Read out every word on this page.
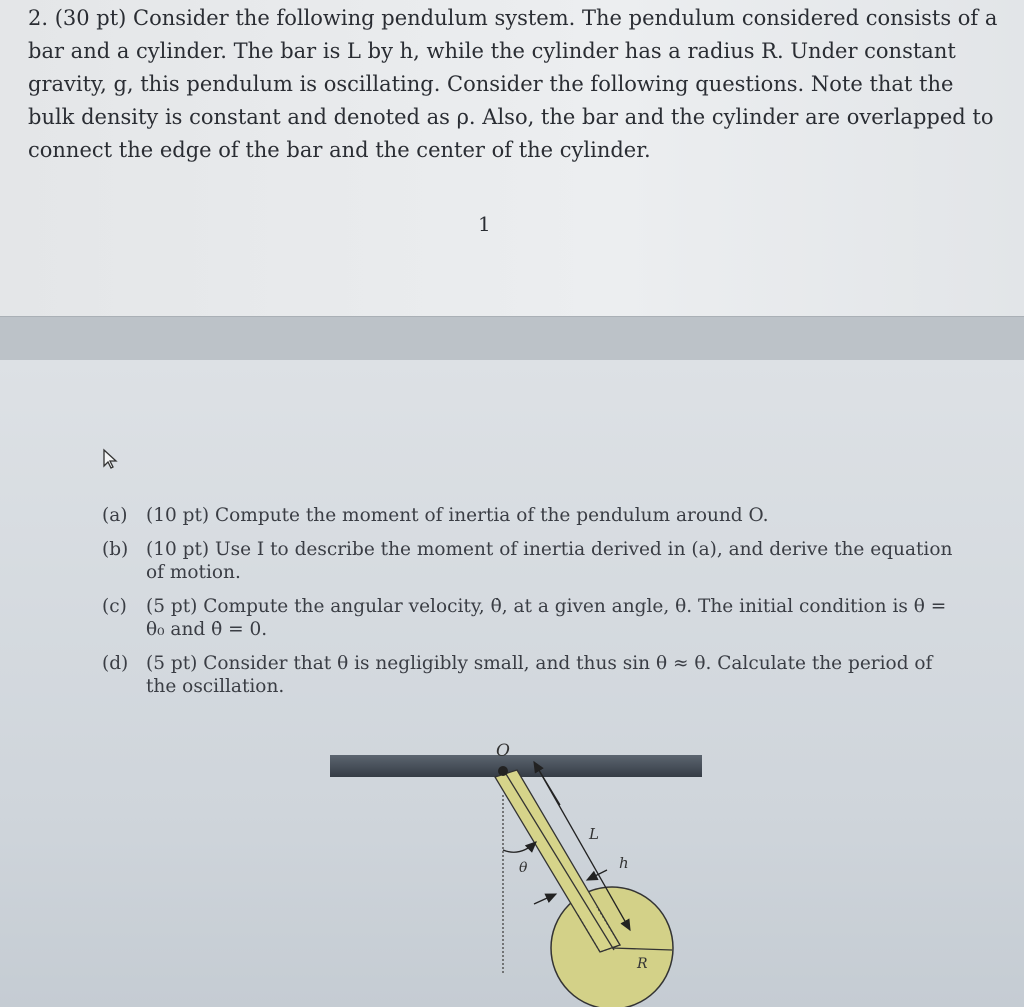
2. (30 pt) Consider the following pendulum system. The pendulum considered consists of a bar and a cylinder. The bar is L by h, while the cylinder has a radius R. Under constant gravity, g, this pendulum is oscillating. Consider the following questions. Note that the bulk density is constant and denoted as ρ. Also, the bar and the cylinder are overlapped to connect the edge of the bar and the center of the cylinder.

1
(a)	(10 pt) Compute the moment of inertia of the pendulum around O.
(b) (10 pt) Use I to describe the moment of inertia derived in (a), and derive the equation of motion.
(c)	(5 pt) Compute the angular velocity, θ̇, at a given angle, θ. The initial condition is θ = θ₀ and θ̇ = 0.
(d) (5 pt) Consider that θ is negligibly small, and thus sin θ ≈ θ. Calculate the period of the oscillation.
O
L
h
θ
R
